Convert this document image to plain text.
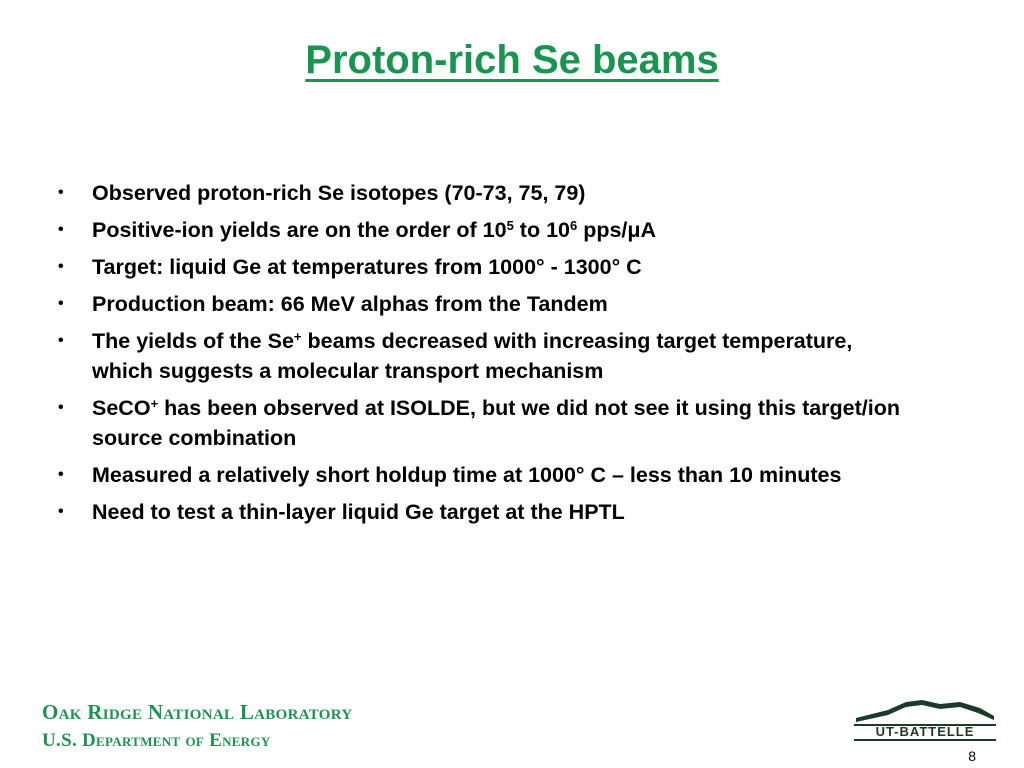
Proton-rich Se beams
• Observed proton-rich Se isotopes (70-73, 75, 79)
• Positive-ion yields are on the order of $10^5$ to $10^6$ pps/μA
• Target: liquid Ge at temperatures from 1000° - 1300° C
• Production beam: 66 MeV alphas from the Tandem
• The yields of the Se+ beams decreased with increasing target temperature, which suggests a molecular transport mechanism
• SeCO+ has been observed at ISOLDE, but we did not see it using this target/ion source combination
• Measured a relatively short holdup time at 1000° C – less than 10 minutes
• Need to test a thin-layer liquid Ge target at the HPTL
Oak Ridge National Laboratory
U.S. Department of Energy	UT-BATTELLE
8
